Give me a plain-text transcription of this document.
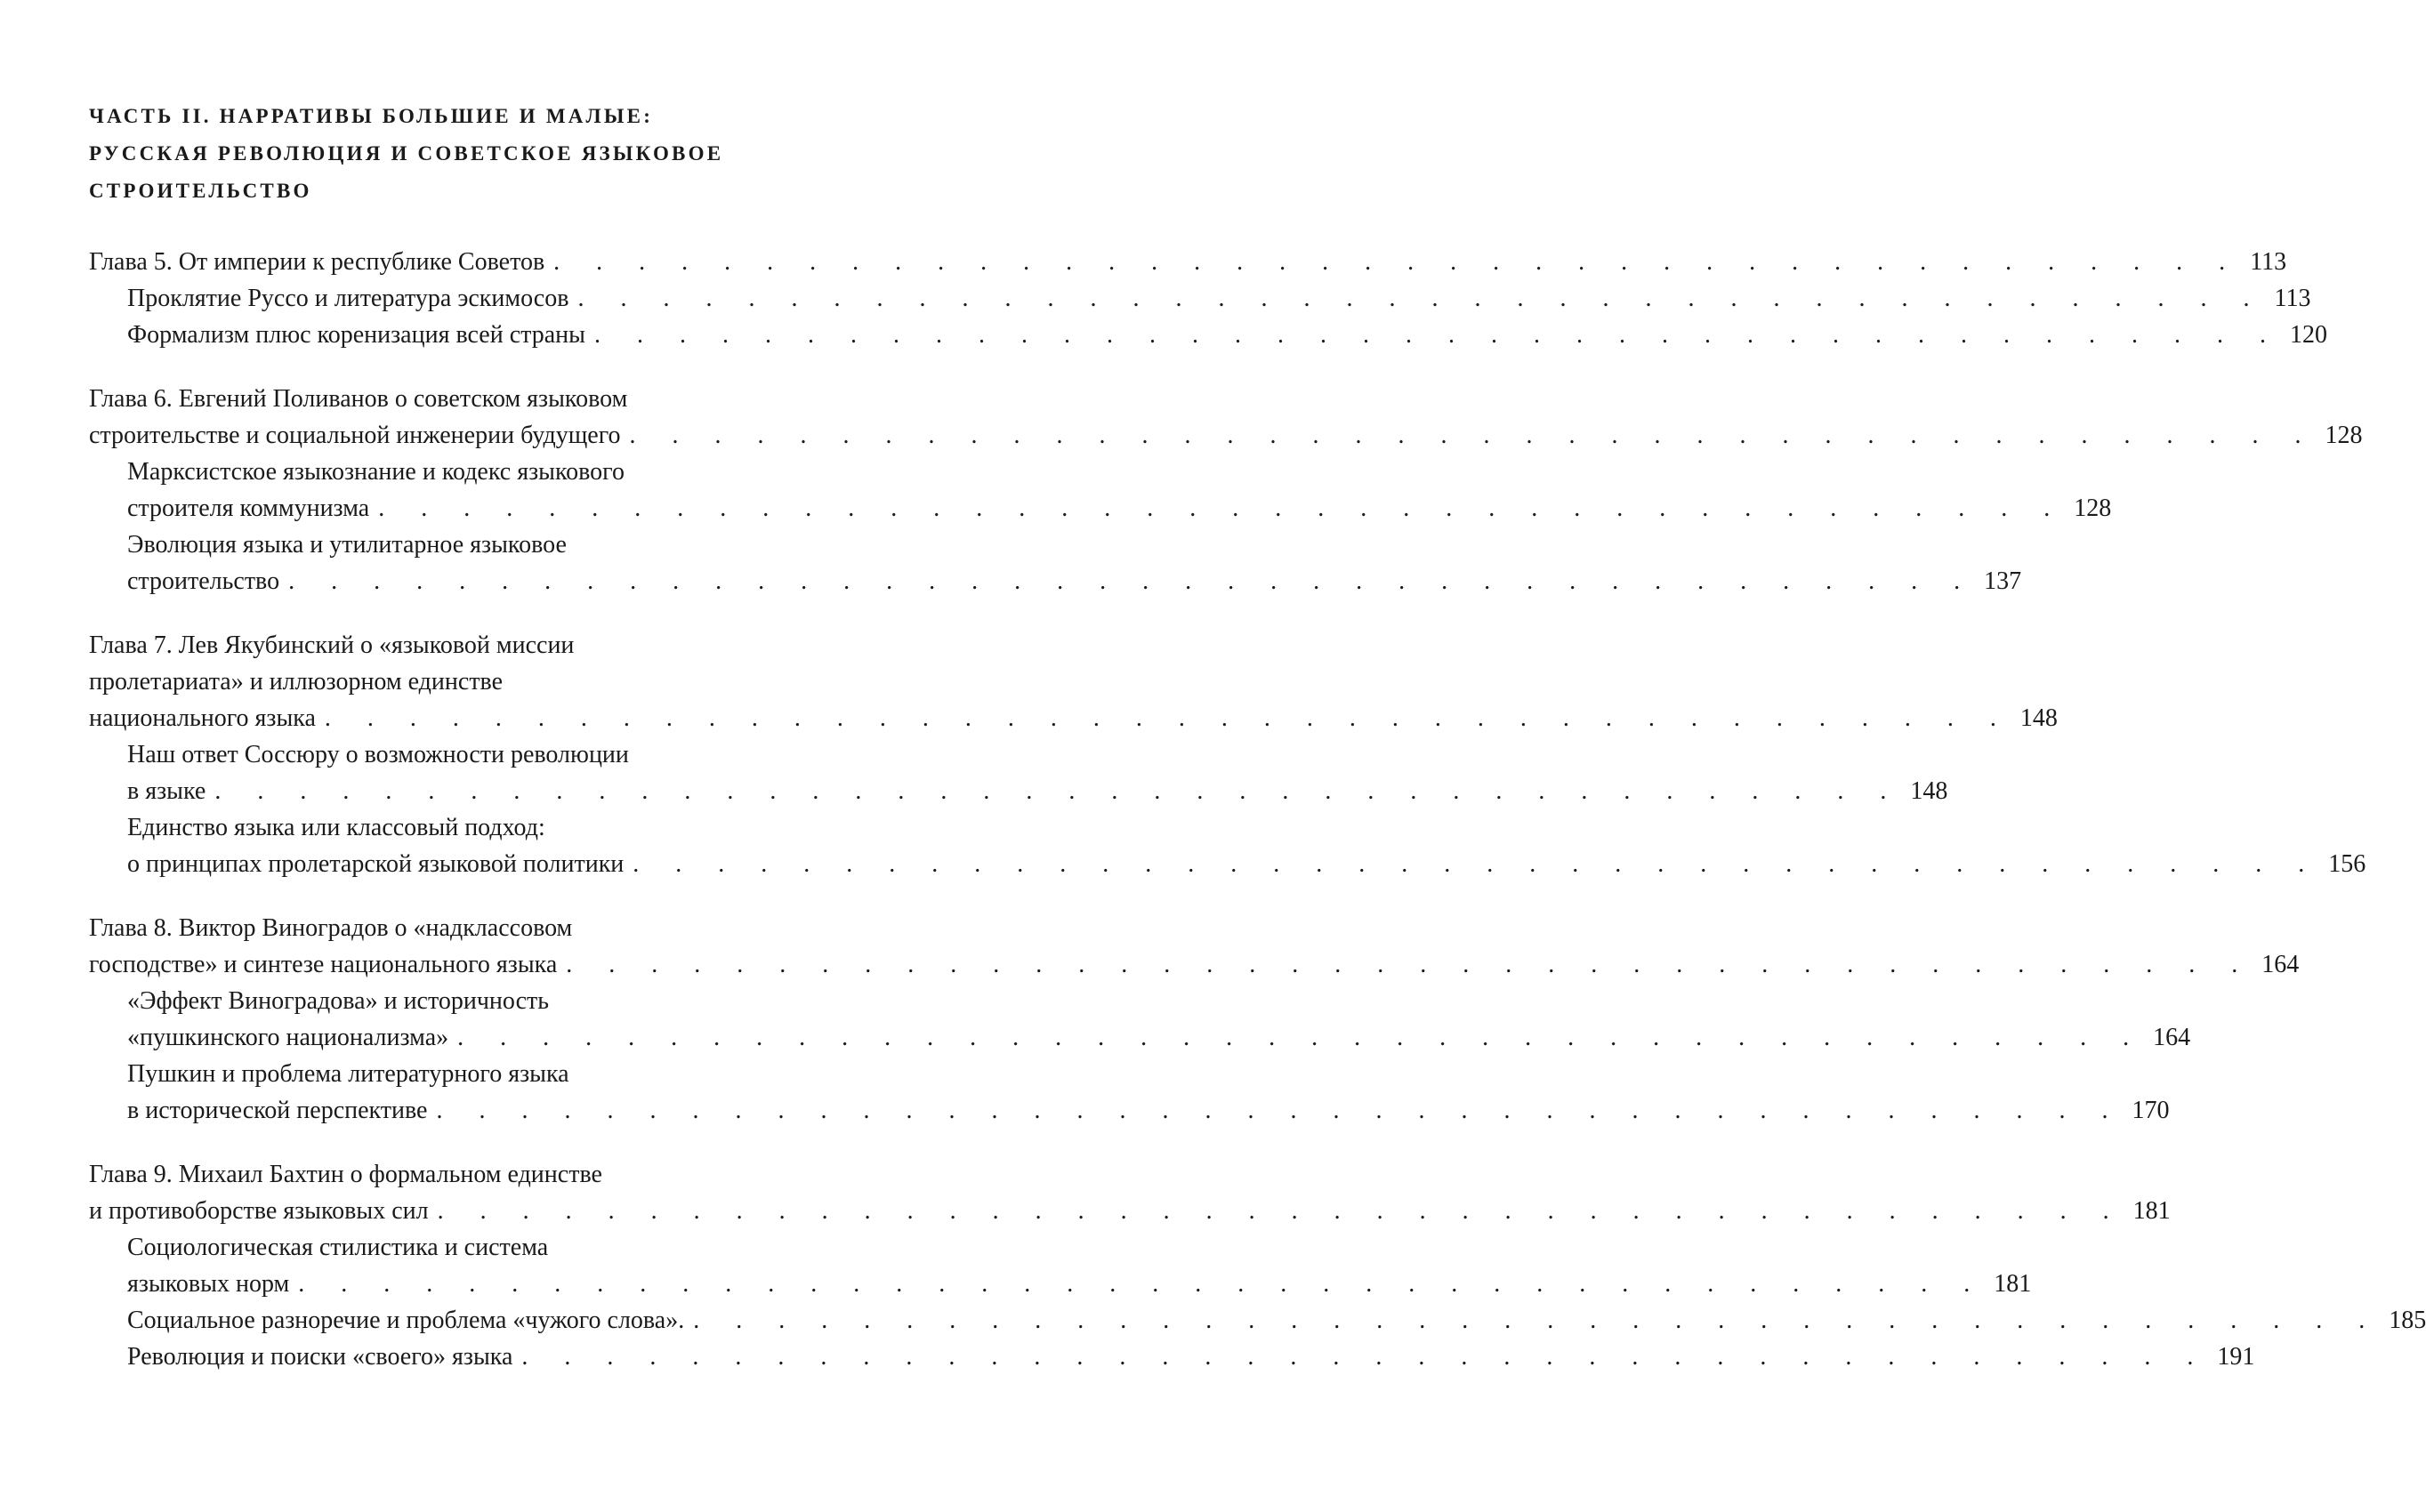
ЧАСТЬ II. НАРРАТИВЫ БОЛЬШИЕ И МАЛЫЕ:
РУССКАЯ РЕВОЛЮЦИЯ И СОВЕТСКОЕ ЯЗЫКОВОЕ
СТРОИТЕЛЬСТВО
Глава 5. От империи к республике Советов . . . . . . . . . . . . . . . . . . . . . . . . . . . . . . . . . . . . . . . . 113
Проклятие Руссо и литература эскимосов . . . . . . . . . . . . . . . . . . . . . . . . . . . . . . . . . . . . . . . . 113
Формализм плюс коренизация всей страны . . . . . . . . . . . . . . . . . . . . . . . . . . . . . . . . . . . . . . . . 120
Глава 6. Евгений Поливанов о советском языковом
строительстве и социальной инженерии будущего . . . . . . . . . . . . . . . . . . . . . . . . . . . . . . . . . . . . . . . . 128
Марксистское языкознание и кодекс языкового
строителя коммунизма . . . . . . . . . . . . . . . . . . . . . . . . . . . . . . . . . . . . . . . . 128
Эволюция языка и утилитарное языковое
строительство . . . . . . . . . . . . . . . . . . . . . . . . . . . . . . . . . . . . . . . . 137
Глава 7. Лев Якубинский о «языковой миссии
пролетариата» и иллюзорном единстве
национального языка . . . . . . . . . . . . . . . . . . . . . . . . . . . . . . . . . . . . . . . . 148
Наш ответ Соссюру о возможности революции
в языке . . . . . . . . . . . . . . . . . . . . . . . . . . . . . . . . . . . . . . . . 148
Единство языка или классовый подход:
о принципах пролетарской языковой политики . . . . . . . . . . . . . . . . . . . . . . . . . . . . . . . . . . . . . . . . 156
Глава 8. Виктор Виноградов о «надклассовом
господстве» и синтезе национального языка . . . . . . . . . . . . . . . . . . . . . . . . . . . . . . . . . . . . . . . . 164
«Эффект Виноградова» и историчность
«пушкинского национализма» . . . . . . . . . . . . . . . . . . . . . . . . . . . . . . . . . . . . . . . . 164
Пушкин и проблема литературного языка
в исторической перспективе . . . . . . . . . . . . . . . . . . . . . . . . . . . . . . . . . . . . . . . . 170
Глава 9. Михаил Бахтин о формальном единстве
и противоборстве языковых сил . . . . . . . . . . . . . . . . . . . . . . . . . . . . . . . . . . . . . . . . 181
Социологическая стилистика и система
языковых норм . . . . . . . . . . . . . . . . . . . . . . . . . . . . . . . . . . . . . . . . 181
Социальное разноречие и проблема «чужого слова». . . . . . . . . . . . . . . . . . . . . . . . . . . . . . . . . . . . . . . . . 185
Революция и поиски «своего» языка . . . . . . . . . . . . . . . . . . . . . . . . . . . . . . . . . . . . . . . . 191
